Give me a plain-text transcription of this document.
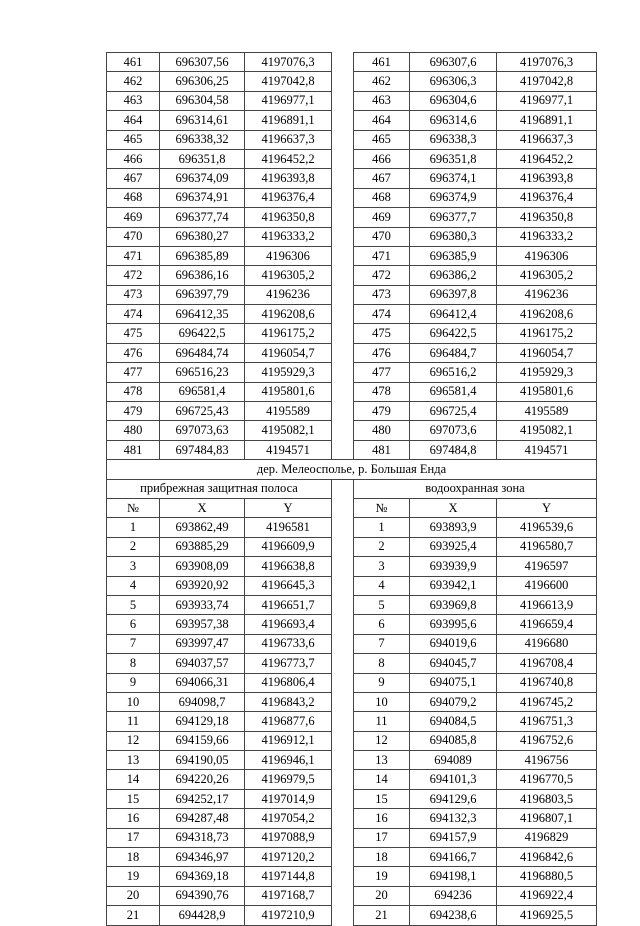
461	696307,56	4197076,3		461	696307,6	4197076,3
462	696306,25	4197042,8		462	696306,3	4197042,8
463	696304,58	4196977,1		463	696304,6	4196977,1
464	696314,61	4196891,1		464	696314,6	4196891,1
465	696338,32	4196637,3		465	696338,3	4196637,3
466	696351,8	4196452,2		466	696351,8	4196452,2
467	696374,09	4196393,8		467	696374,1	4196393,8
468	696374,91	4196376,4		468	696374,9	4196376,4
469	696377,74	4196350,8		469	696377,7	4196350,8
470	696380,27	4196333,2		470	696380,3	4196333,2
471	696385,89	4196306		471	696385,9	4196306
472	696386,16	4196305,2		472	696386,2	4196305,2
473	696397,79	4196236		473	696397,8	4196236
474	696412,35	4196208,6		474	696412,4	4196208,6
475	696422,5	4196175,2		475	696422,5	4196175,2
476	696484,74	4196054,7		476	696484,7	4196054,7
477	696516,23	4195929,3		477	696516,2	4195929,3
478	696581,4	4195801,6		478	696581,4	4195801,6
479	696725,43	4195589		479	696725,4	4195589
480	697073,63	4195082,1		480	697073,6	4195082,1
481	697484,83	4194571		481	697484,8	4194571
дер. Мелеосполье, р. Большая Енда						
прибрежная защитная полоса				водоохранная зона		
№	X	Y		№	X	Y
1	693862,49	4196581		1	693893,9	4196539,6
2	693885,29	4196609,9		2	693925,4	4196580,7
3	693908,09	4196638,8		3	693939,9	4196597
4	693920,92	4196645,3		4	693942,1	4196600
5	693933,74	4196651,7		5	693969,8	4196613,9
6	693957,38	4196693,4		6	693995,6	4196659,4
7	693997,47	4196733,6		7	694019,6	4196680
8	694037,57	4196773,7		8	694045,7	4196708,4
9	694066,31	4196806,4		9	694075,1	4196740,8
10	694098,7	4196843,2		10	694079,2	4196745,2
11	694129,18	4196877,6		11	694084,5	4196751,3
12	694159,66	4196912,1		12	694085,8	4196752,6
13	694190,05	4196946,1		13	694089	4196756
14	694220,26	4196979,5		14	694101,3	4196770,5
15	694252,17	4197014,9		15	694129,6	4196803,5
16	694287,48	4197054,2		16	694132,3	4196807,1
17	694318,73	4197088,9		17	694157,9	4196829
18	694346,97	4197120,2		18	694166,7	4196842,6
19	694369,18	4197144,8		19	694198,1	4196880,5
20	694390,76	4197168,7		20	694236	4196922,4
21	694428,9	4197210,9		21	694238,6	4196925,5
